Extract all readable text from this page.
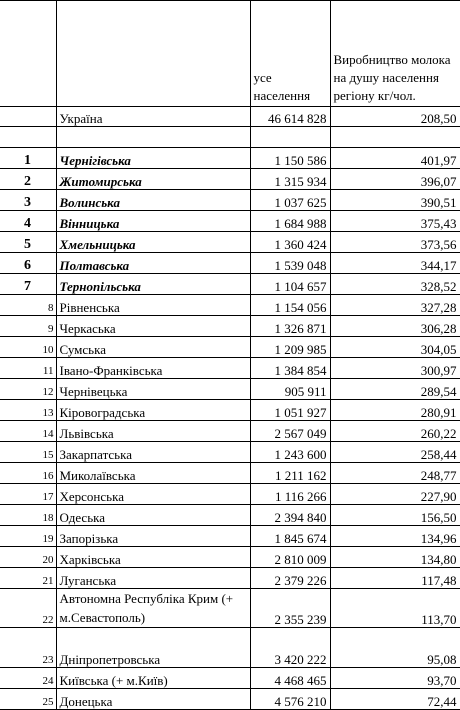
		усе населення	Виробництво молока на душу населення регіону кг/чол.
	Україна	46 614 828	208,50

1	Чернігівська	1 150 586	401,97
2	Житомирська	1 315 934	396,07
3	Волинська	1 037 625	390,51
4	Вінницька	1 684 988	375,43
5	Хмельницька	1 360 424	373,56
6	Полтавська	1 539 048	344,17
7	Тернопільська	1 104 657	328,52
8	Рівненська	1 154 056	327,28
9	Черкаська	1 326 871	306,28
10	Сумська	1 209 985	304,05
11	Івано-Франківська	1 384 854	300,97
12	Чернівецька	905 911	289,54
13	Кіровоградська	1 051 927	280,91
14	Львівська	2 567 049	260,22
15	Закарпатська	1 243 600	258,44
16	Миколаївська	1 211 162	248,77
17	Херсонська	1 116 266	227,90
18	Одеська	2 394 840	156,50
19	Запорізька	1 845 674	134,96
20	Харківська	2 810 009	134,80
21	Луганська	2 379 226	117,48
22	Автономна Республіка Крим (+ м.Севастополь)	2 355 239	113,70
23	Дніпропетровська	3 420 222	95,08
24	Київська (+ м.Київ)	4 468 465	93,70
25	Донецька	4 576 210	72,44
